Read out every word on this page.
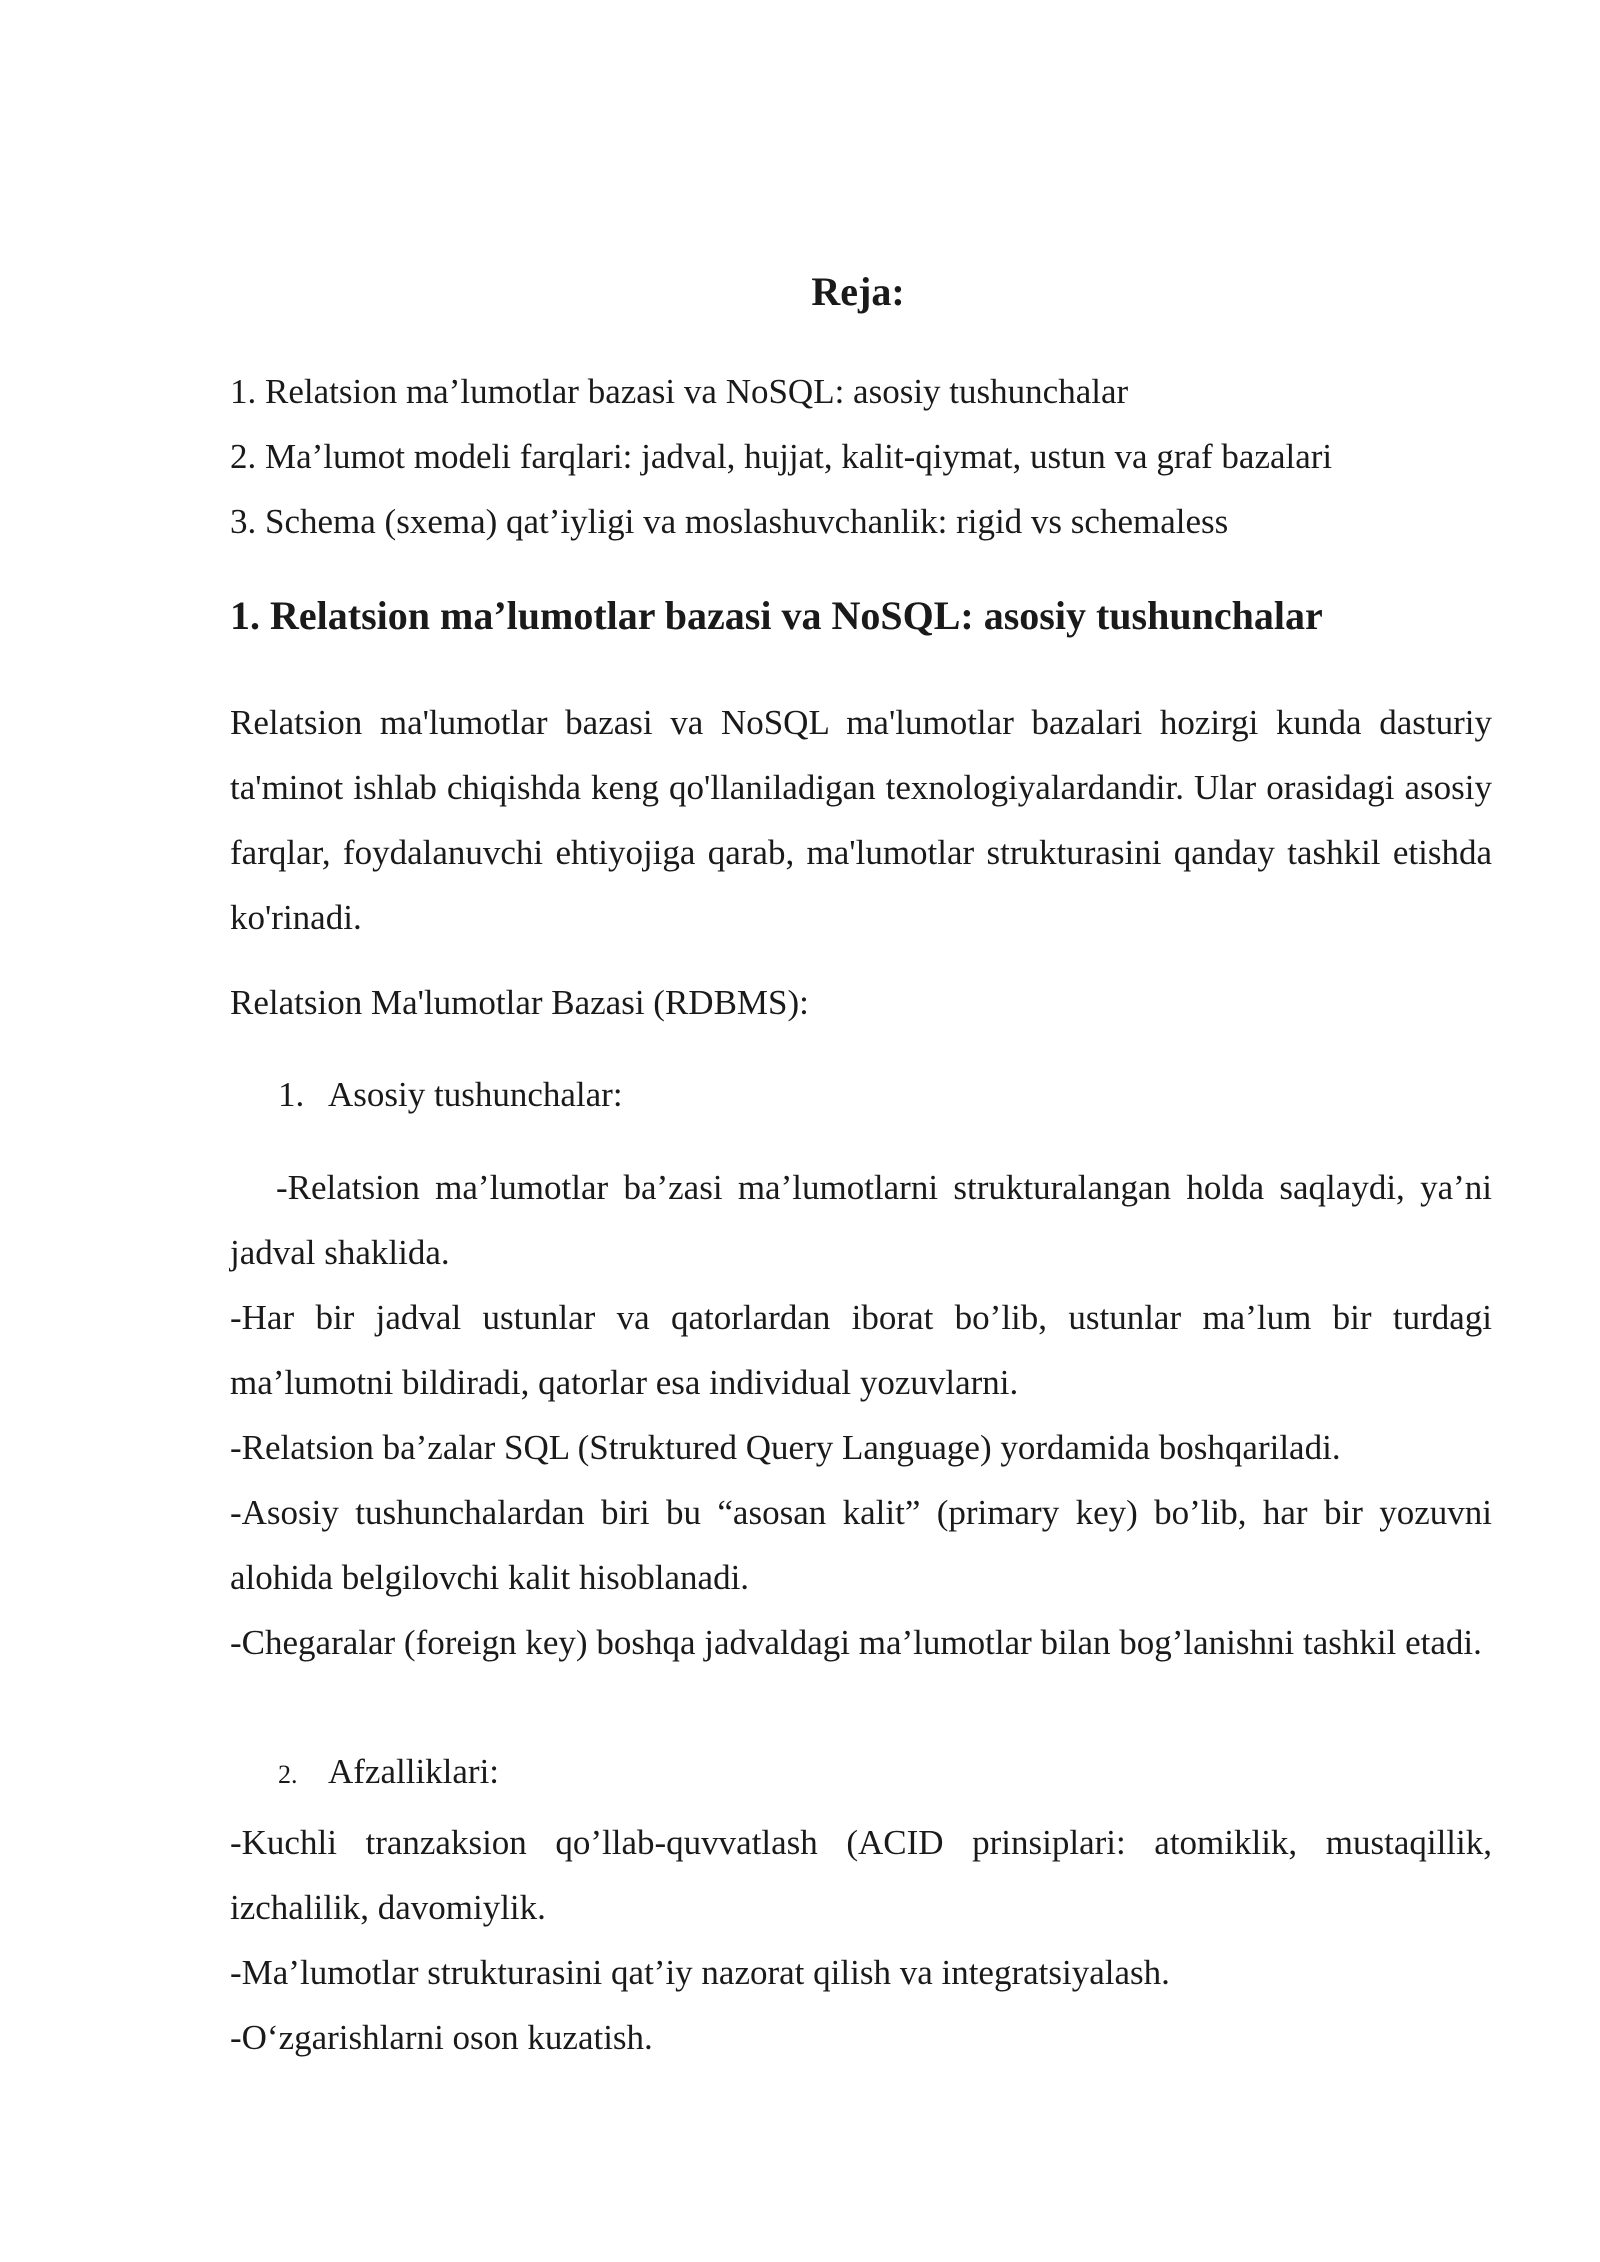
Reja:
1. Relatsion ma’lumotlar bazasi va NoSQL: asosiy tushunchalar
2. Ma’lumot modeli farqlari: jadval, hujjat, kalit-qiymat, ustun va graf bazalari
3. Schema (sxema) qat’iyligi va moslashuvchanlik: rigid vs schemaless
1. Relatsion ma’lumotlar bazasi va NoSQL: asosiy tushunchalar

Relatsion ma'lumotlar bazasi va NoSQL ma'lumotlar bazalari hozirgi kunda dasturiy ta'minot ishlab chiqishda keng qo'llaniladigan texnologiyalardandir. Ular orasidagi asosiy farqlar, foydalanuvchi ehtiyojiga qarab, ma'lumotlar strukturasini qanday tashkil etishda ko'rinadi.

Relatsion Ma'lumotlar Bazasi (RDBMS):

1. Asosiy tushunchalar:

-Relatsion ma’lumotlar ba’zasi ma’lumotlarni strukturalangan holda saqlaydi, ya’ni jadval shaklida.

-Har bir jadval ustunlar va qatorlardan iborat bo’lib, ustunlar ma’lum bir turdagi ma’lumotni bildiradi, qatorlar esa individual yozuvlarni.

-Relatsion ba’zalar SQL (Struktured Query Language) yordamida boshqariladi.

-Asosiy tushunchalardan biri bu “asosan kalit” (primary key) bo’lib, har bir yozuvni alohida belgilovchi kalit hisoblanadi.

-Chegaralar (foreign key) boshqa jadvaldagi ma’lumotlar bilan bog’lanishni tashkil etadi.

2. Afzalliklari:

-Kuchli tranzaksion qo’llab-quvvatlash (ACID prinsiplari: atomiklik, mustaqillik, izchalilik, davomiylik.

-Ma’lumotlar strukturasini qat’iy nazorat qilish va integratsiyalash.

-O‘zgarishlarni oson kuzatish.
